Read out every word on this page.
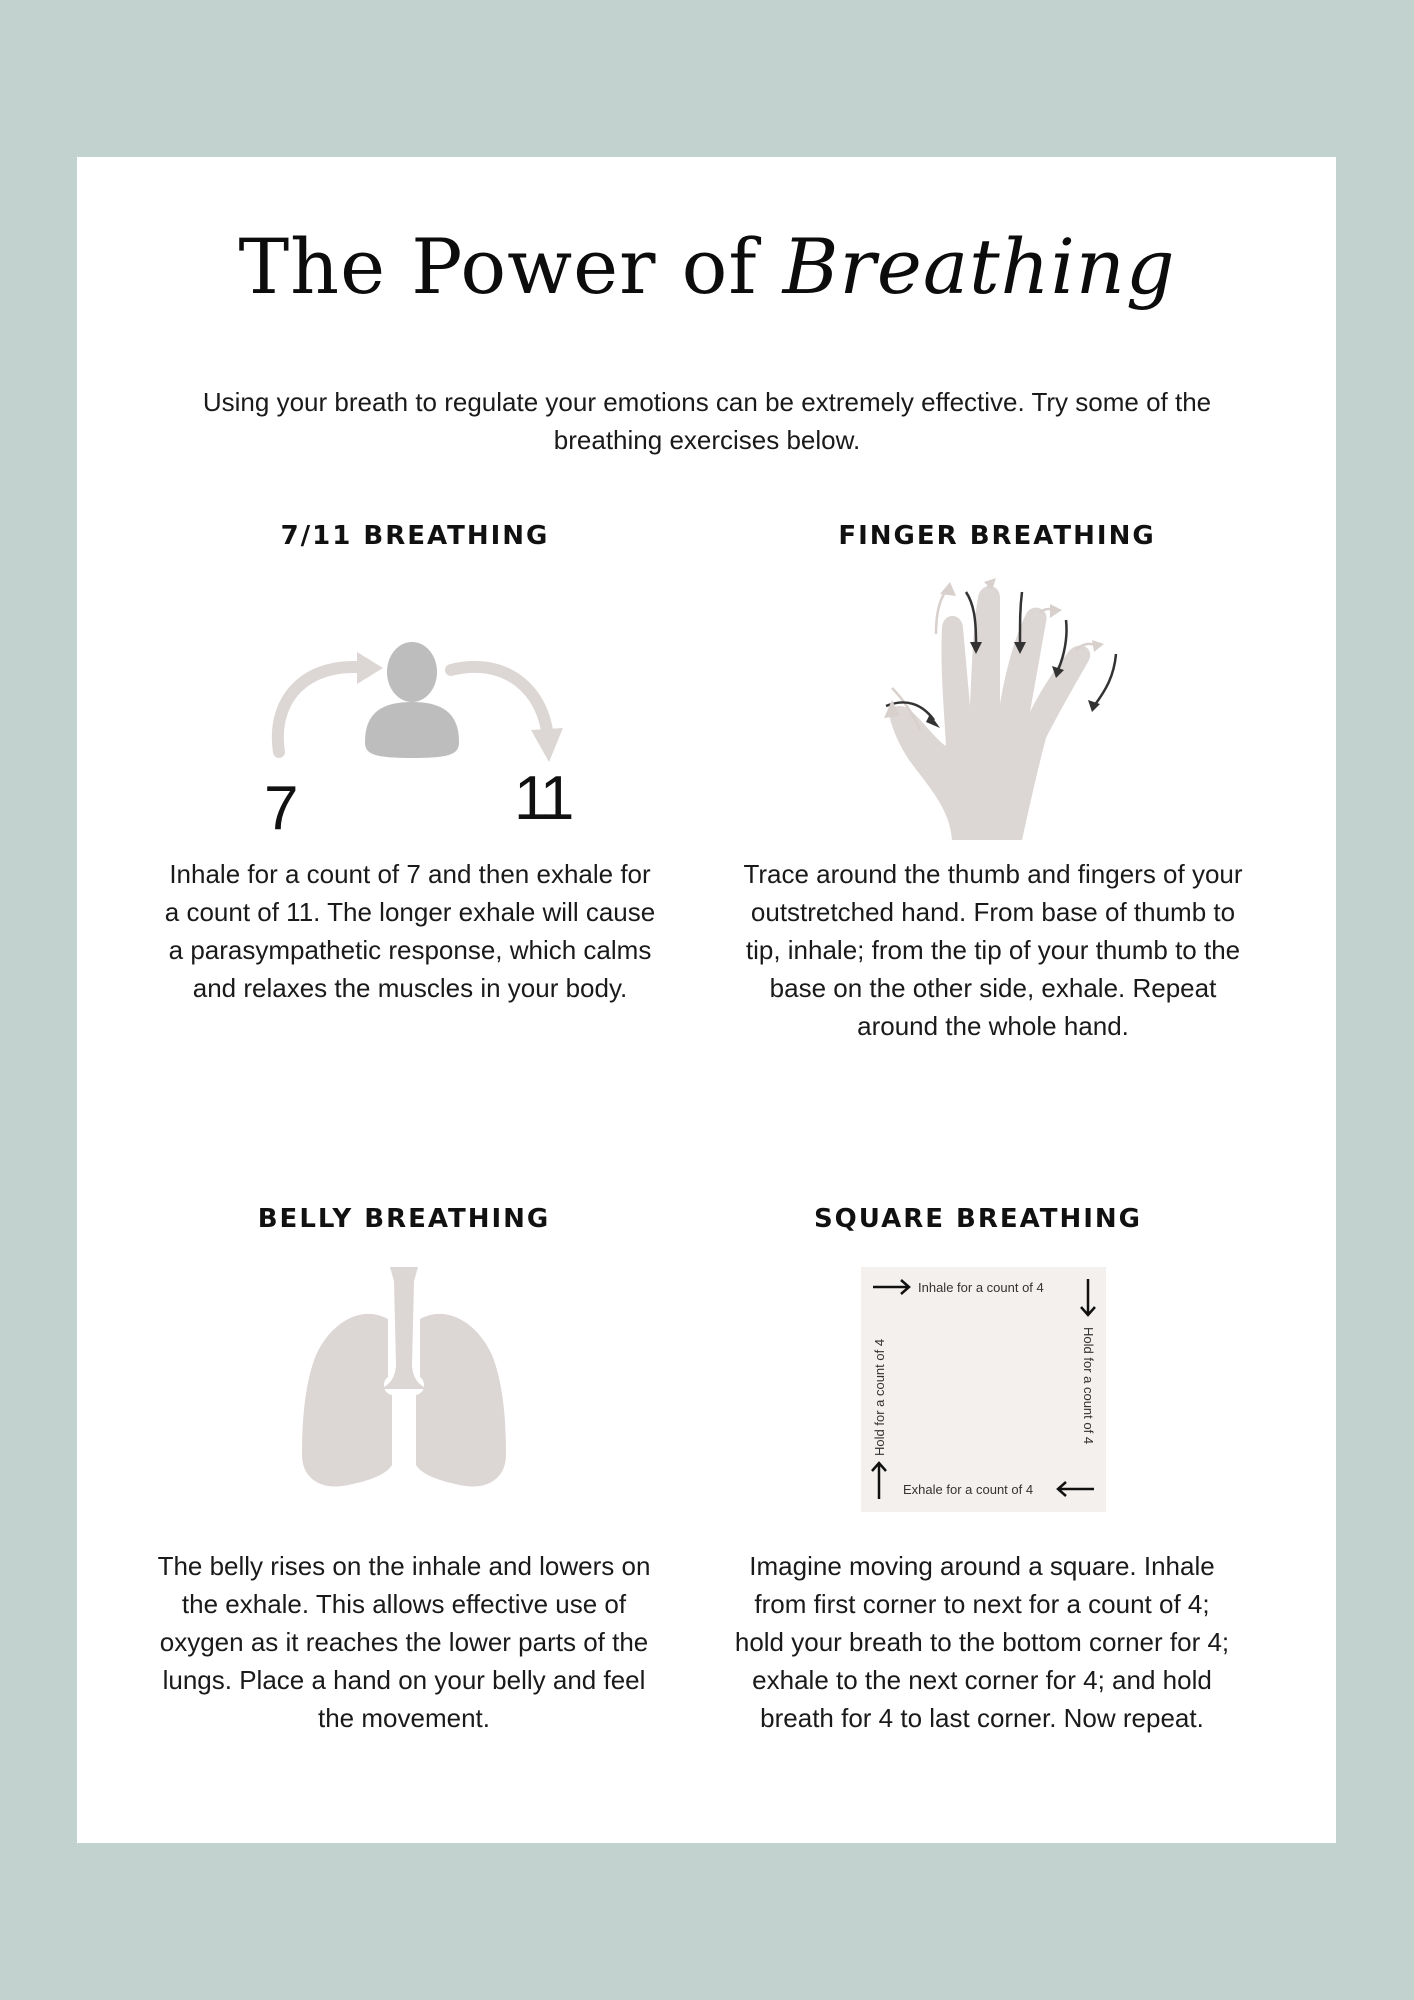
The Power of Breathing

Using your breath to regulate your emotions can be extremely effective. Try some of the breathing exercises below.

7/11 BREATHING
7	11

Inhale for a count of 7 and then exhale for a count of 11. The longer exhale will cause a parasympathetic response, which calms and relaxes the muscles in your body.

FINGER BREATHING

Trace around the thumb and fingers of your outstretched hand. From base of thumb to tip, inhale; from the tip of your thumb to the base on the other side, exhale. Repeat around the whole hand.

BELLY BREATHING

The belly rises on the inhale and lowers on the exhale. This allows effective use of oxygen as it reaches the lower parts of the lungs. Place a hand on your belly and feel the movement.

SQUARE BREATHING
Inhale for a count of 4
Exhale for a count of 4
Hold for a count of 4
Hold for a count of 4

Imagine moving around a square. Inhale from first corner to next for a count of 4; hold your breath to the bottom corner for 4; exhale to the next corner for 4; and hold breath for 4 to last corner. Now repeat.
